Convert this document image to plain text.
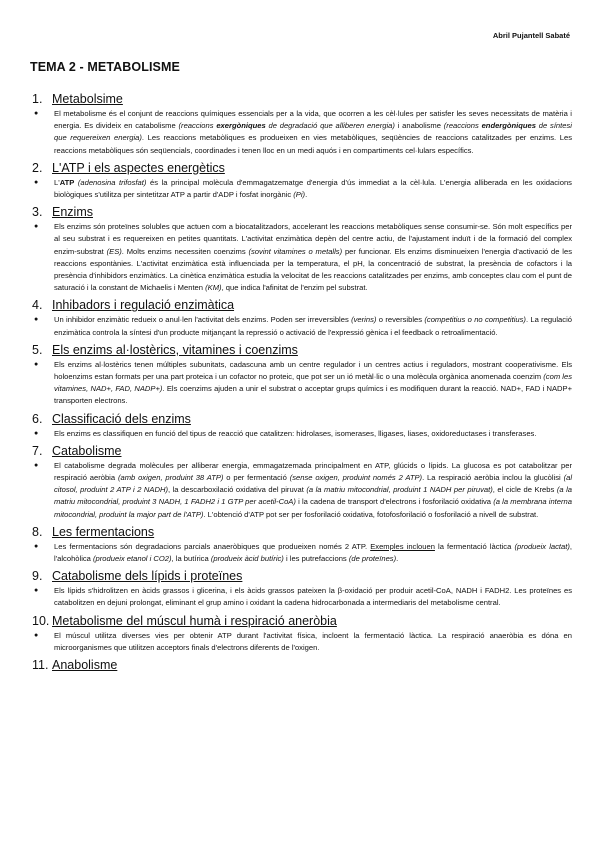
Abril Pujantell Sabaté
TEMA 2 - METABOLISME
1. Metabolsime
●	El metabolisme és el conjunt de reaccions químiques essencials per a la vida, que ocorren a les cèl·lules per satisfer les seves necessitats de matèria i energia. Es divideix en catabolisme (reaccions exergòniques de degradació que alliberen energia) i anabolisme (reaccions endergòniques de síntesi que requereixen energia). Les reaccions metabòliques es produeixen en vies metabòliques, seqüències de reaccions catalitzades per enzims. Les reaccions metabòliques són seqüencials, coordinades i tenen lloc en un medi aquós i en compartiments cel·lulars específics.
2. L'ATP i els aspectes energètics
●	L'ATP (adenosina trifosfat) és la principal molècula d'emmagatzematge d'energia d'ús immediat a la cèl·lula. L'energia alliberada en les oxidacions biològiques s'utilitza per sintetitzar ATP a partir d'ADP i fosfat inorgànic (Pi).
3. Enzims
●	Els enzims són proteïnes solubles que actuen com a biocatalitzadors, accelerant les reaccions metabòliques sense consumir-se. Són molt específics per al seu substrat i es requereixen en petites quantitats. L'activitat enzimàtica depèn del centre actiu, de l'ajustament induït i de la formació del complex enzim-substrat (ES). Molts enzims necessiten coenzims (sovint vitamines o metalls) per funcionar. Els enzims disminueixen l'energia d'activació de les reaccions espontànies. L'activitat enzimàtica està influenciada per la temperatura, el pH, la concentració de substrat, la presència de cofactors i la presència d'inhibidors enzimàtics. La cinètica enzimàtica estudia la velocitat de les reaccions catalitzades per enzims, amb conceptes clau com el punt de saturació i la constant de Michaelis i Menten (KM), que indica l'afinitat de l'enzim pel substrat.
4. Inhibadors i regulació enzimàtica
●	Un inhibidor enzimàtic redueix o anul·len l'activitat dels enzims. Poden ser irreversibles (verins) o reversibles (competitius o no competitius). La regulació enzimàtica controla la síntesi d'un producte mitjançant la repressió o activació de l'expressió gènica i el feedback o retroalimentació.
5. Els enzims al·lostèrics, vitamines i coenzims
●	Els enzims al·lostèrics tenen múltiples subunitats, cadascuna amb un centre regulador i un centres actius i reguladors, mostrant cooperativisme. Els holoenzims estan formats per una part proteica i un cofactor no proteic, que pot ser un ió metàl·lic o una molècula orgànica anomenada coenzim (com les vitamines, NAD+, FAD, NADP+). Els coenzims ajuden a unir el substrat o acceptar grups químics i es modifiquen durant la reacció. NAD+, FAD i NADP+ transporten electrons.
6. Classificació dels enzims
●	Els enzims es classifiquen en funció del tipus de reacció que catalitzen: hidrolases, isomerases, lligases, liases, oxidoreductases i transferases.
7. Catabolisme
●	El catabolisme degrada molècules per alliberar energia, emmagatzemada principalment en ATP, glúcids o lípids. La glucosa es pot catabolitzar per respiració aeròbia (amb oxigen, produint 38 ATP) o per fermentació (sense oxigen, produint només 2 ATP). La respiració aeròbia inclou la glucòlisi (al citosol, produint 2 ATP i 2 NADH), la descarboxilació oxidativa del piruvat (a la matriu mitocondrial, produint 1 NADH per piruvat), el cicle de Krebs (a la matriu mitocondrial, produint 3 NADH, 1 FADH2 i 1 GTP per acetil-CoA) i la cadena de transport d'electrons i fosforilació oxidativa (a la membrana interna mitocondrial, produint la major part de l'ATP). L'obtenció d'ATP pot ser per fosforilació oxidativa, fotofosforilació o fosforilació a nivell de substrat.
8. Les fermentacions
●	Les fermentacions són degradacions parcials anaeròbiques que produeixen només 2 ATP. Exemples inclouen la fermentació làctica (produeix lactat), l'alcohòlica (produeix etanol i CO2), la butírica (produeix àcid butíric) i les putrefaccions (de proteïnes).
9. Catabolisme dels lípids i proteïnes
●	Els lípids s'hidrolitzen en àcids grassos i glicerina, i els àcids grassos pateixen la β-oxidació per produir acetil-CoA, NADH i FADH2. Les proteïnes es catabolitzen en dejuni prolongat, eliminant el grup amino i oxidant la cadena hidrocarbonada a intermediaris del metabolisme central.
10. Metabolisme del múscul humà i respiració aneròbia
●	El múscul utilitza diverses vies per obtenir ATP durant l'activitat física, incloent la fermentació làctica. La respiració anaeròbia es dóna en microorganismes que utilitzen acceptors finals d'electrons diferents de l'oxigen.
11. Anabolisme
